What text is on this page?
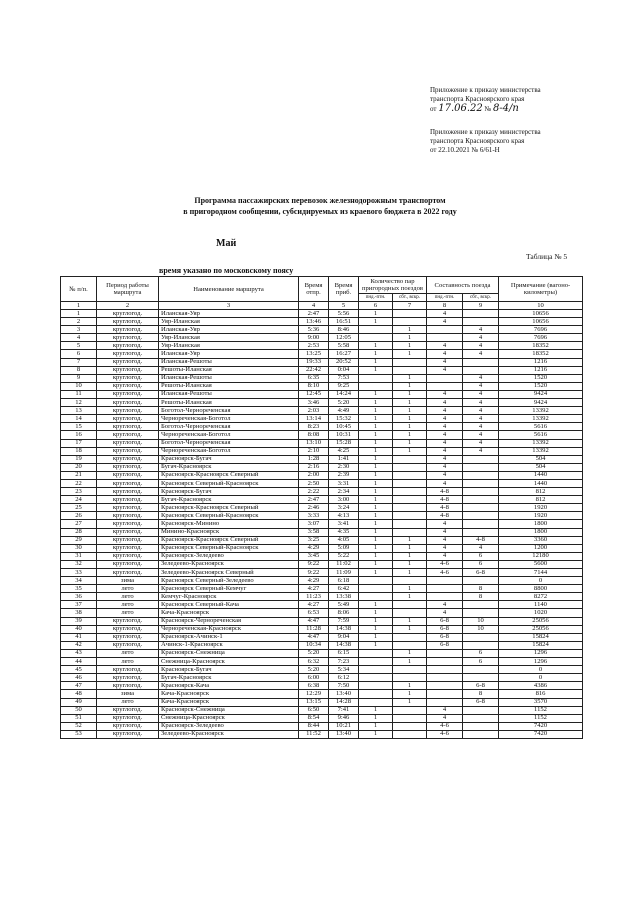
Приложение к приказу министерства
транспорта Красноярского края
от 17.06.22 № 8-4/п
Приложение к приказу министерства
транспорта Красноярского края
от 22.10.2021 № 6/61-Н
Программа пассажирских перевозок железнодорожным транспортом
в пригородном сообщении, субсидируемых из краевого бюджета в 2022 году
Май
Таблица № 5
время указано по московскому поясу
№ п/п.	Период работы маршрута	Наименование маршрута	Время отпр.	Время приб.	Количество пар пригородных поездов		Составность поезда		Примечание (вагоно-километры)
					пнд.-птн.	сбт., вскр.	пнд.-птн.	сбт., вскр.	
1	2	3	4	5	6	7	8	9	10
1	круглогод.	Иланская-Уяр	2:47	5:56	1		4		10656
2	круглогод.	Уяр-Иланская	13:46	16:51	1		4		10656
3	круглогод.	Иланская-Уяр	5:36	8:46		1		4	7696
4	круглогод.	Уяр-Иланская	9:00	12:05		1		4	7696
5	круглогод.	Уяр-Иланская	2:53	5:58	1	1	4	4	18352
6	круглогод.	Иланская-Уяр	13:25	16:27	1	1	4	4	18352
7	круглогод.	Иланская-Решоты	19:33	20:52	1		4		1216
8	круглогод.	Решоты-Иланская	22:42	0:04	1		4		1216
9	круглогод.	Иланская-Решоты	6:35	7:53		1		4	1520
10	круглогод.	Решоты-Иланская	8:10	9:25		1		4	1520
11	круглогод.	Иланская-Решоты	12:45	14:24	1	1	4	4	9424
12	круглогод.	Решоты-Иланская	3:46	5:20	1	1	4	4	9424
13	круглогод.	Боготол-Чернореченская	2:03	4:49	1	1	4	4	13392
14	круглогод.	Чернореченская-Боготол	13:14	15:32	1	1	4	4	13392
15	круглогод.	Боготол-Чернореченская	8:23	10:45	1	1	4	4	5616
16	круглогод.	Чернореченская-Боготол	8:08	10:31	1	1	4	4	5616
17	круглогод.	Боготол-Чернореченская	13:10	15:28	1	1	4	4	13392
18	круглогод.	Чернореченская-Боготол	2:10	4:25	1	1	4	4	13392
19	круглогод.	Красноярск-Бугач	1:28	1:41	1		4		504
20	круглогод.	Бугач-Красноярск	2:16	2:30	1		4		504
21	круглогод.	Красноярск-Красноярск Северный	2:00	2:39	1		4		1440
22	круглогод.	Красноярск Северный-Красноярск	2:50	3:31	1		4		1440
23	круглогод.	Красноярск-Бугач	2:22	2:34	1		4-8		812
24	круглогод.	Бугач-Красноярск	2:47	3:00	1		4-8		812
25	круглогод.	Красноярск-Красноярск Северный	2:46	3:24	1		4-8		1920
26	круглогод.	Красноярск Северный-Красноярск	3:33	4:13	1		4-8		1920
27	круглогод.	Красноярск-Минино	3:07	3:41	1		4		1800
28	круглогод.	Минино-Красноярск	3:58	4:35	1		4		1800
29	круглогод.	Красноярск-Красноярск Северный	3:25	4:05	1	1	4	4-8	3360
30	круглогод.	Красноярск Северный-Красноярск	4:29	5:09	1	1	4	4	1200
31	круглогод.	Красноярск-Зеледеево	3:45	5:22	1	1	4	6	12180
32	круглогод.	Зеледеево-Красноярск	9:22	11:02	1	1	4-6	6	5600
33	круглогод.	Зеледеево-Красноярск Северный	9:22	11:09	1	1	4-6	6-8	7144
34	зима	Красноярск Северный-Зеледеево	4:29	6:18					0
35	лето	Красноярск Северный-Кемчуг	4:27	6:42		1		8	8800
36	лето	Кемчуг-Красноярск	11:23	13:38		1		8	8272
37	лето	Красноярск Северный-Кача	4:27	5:49	1		4		1140
38	лето	Кача-Красноярск	6:53	8:06	1		4		1020
39	круглогод.	Красноярск-Чернореченская	4:47	7:59	1	1	6-8	10	25056
40	круглогод.	Чернореченская-Красноярск	11:28	14:38	1	1	6-8	10	25056
41	круглогод.	Красноярск-Ачинск-1	4:47	9:04	1		6-8		15824
42	круглогод.	Ачинск-1-Красноярск	10:34	14:38	1		6-8		15824
43	лето	Красноярск-Снежница	5:20	6:15		1		6	1296
44	лето	Снежница-Красноярск	6:32	7:23		1		6	1296
45	круглогод.	Красноярск-Бугач	5:20	5:34					0
46	круглогод.	Бугач-Красноярск	6:00	6:12					0
47	круглогод.	Красноярск-Кача	6:38	7:50		1		6-8	4386
48	зима	Кача-Красноярск	12:29	13:40		1		8	816
49	лето	Кача-Красноярск	13:15	14:28		1		6-8	3570
50	круглогод.	Красноярск-Снежница	6:50	7:41	1		4		1152
51	круглогод.	Снежница-Красноярск	8:54	9:46	1		4		1152
52	круглогод.	Красноярск-Зеледеево	8:44	10:21	1		4-6		7420
53	круглогод.	Зеледеево-Красноярск	11:52	13:40	1		4-6		7420
